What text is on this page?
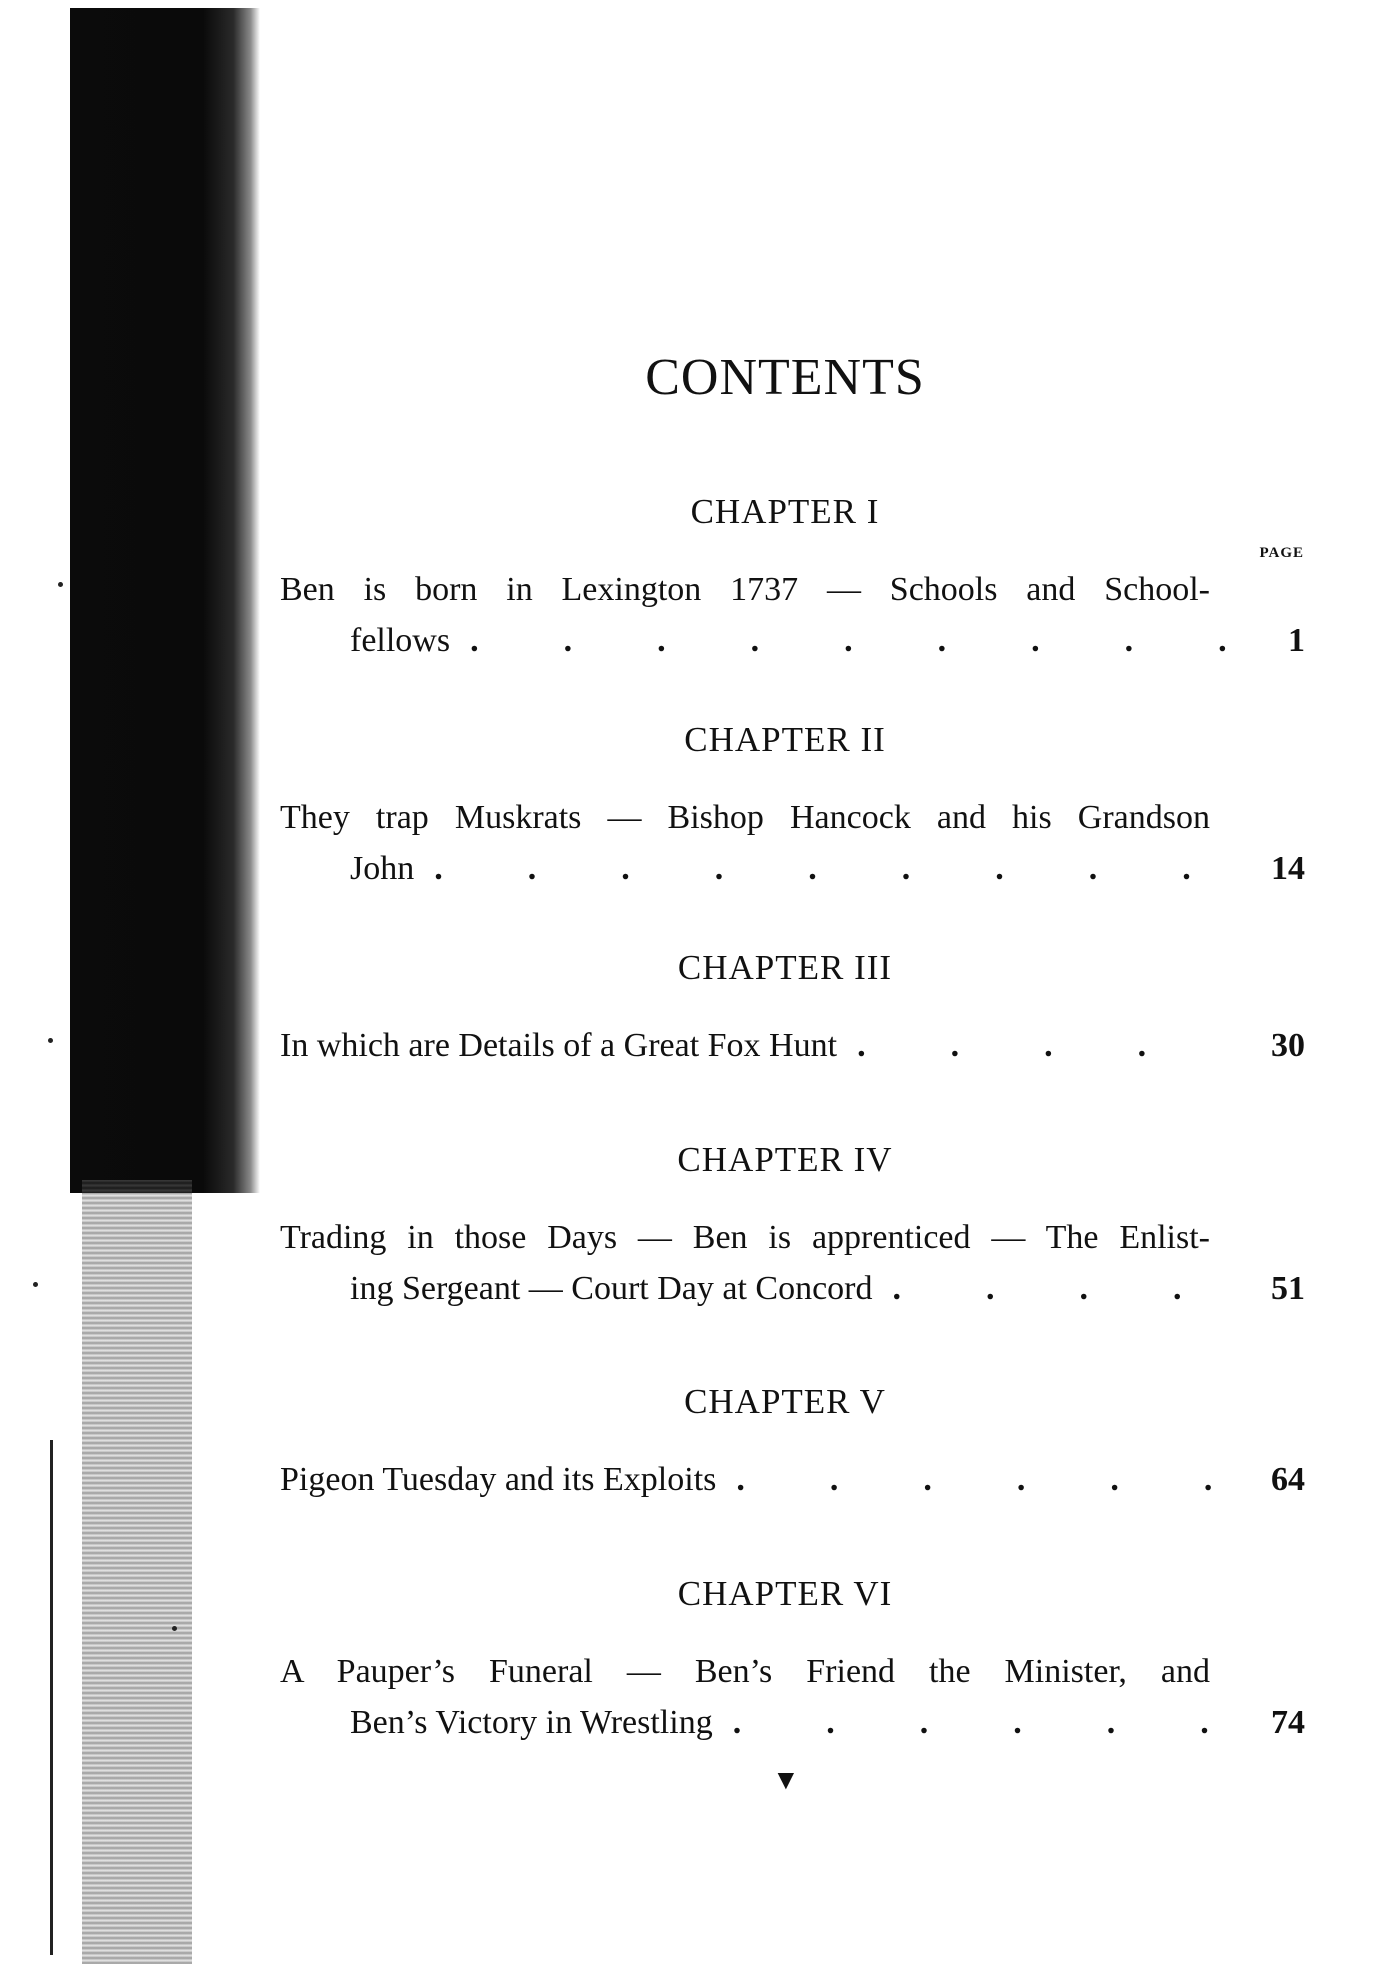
CONTENTS
CHAPTER I
PAGE
Ben is born in Lexington 1737 — Schools and School-
fellows .	1
CHAPTER II
They trap Muskrats — Bishop Hancock and his Grandson
John .	14
CHAPTER III
In which are Details of a Great Fox Hunt .	30
CHAPTER IV
Trading in those Days — Ben is apprenticed — The Enlist-
ing Sergeant — Court Day at Concord .	51
CHAPTER V
Pigeon Tuesday and its Exploits .	64
CHAPTER VI
A Pauper’s Funeral — Ben’s Friend the Minister, and
Ben’s Victory in Wrestling .	74
▼
